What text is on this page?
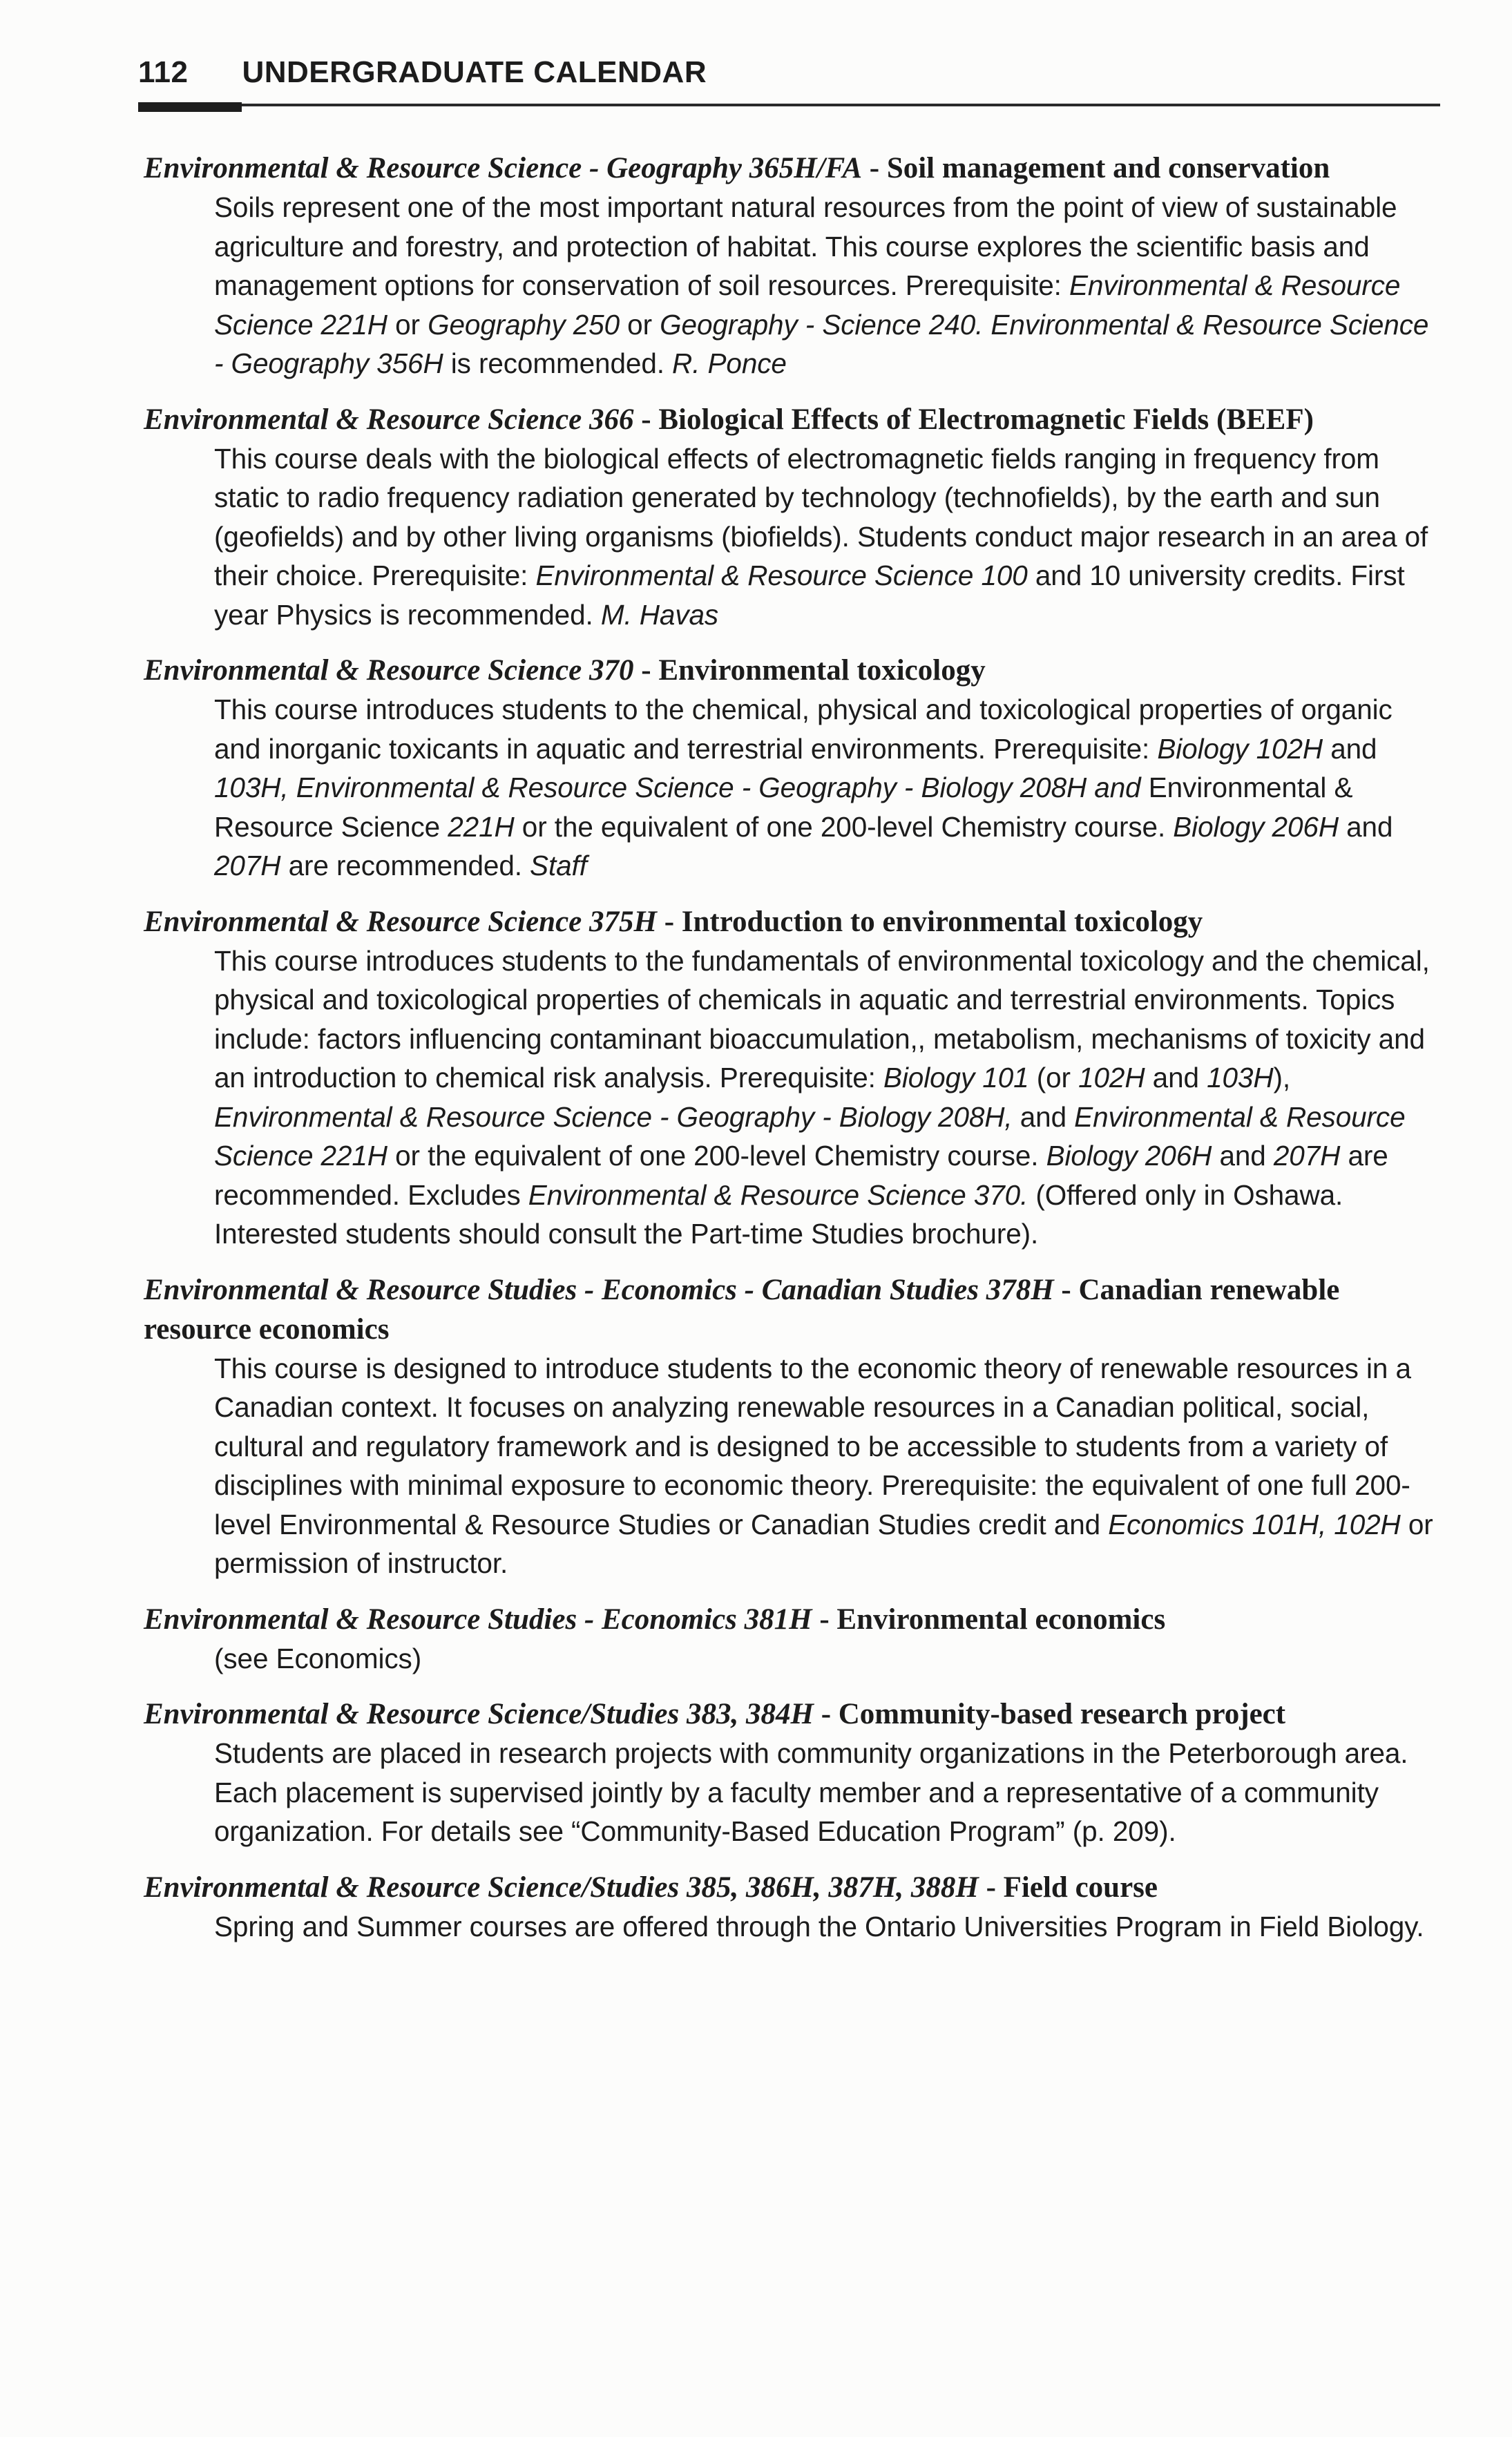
112 UNDERGRADUATE CALENDAR
Environmental & Resource Science - Geography 365H/FA - Soil management and conservation
Soils represent one of the most important natural resources from the point of view of sustainable agriculture and forestry, and protection of habitat. This course explores the scientific basis and management options for conservation of soil resources. Prerequisite: Environmental & Resource Science 221H or Geography 250 or Geography - Science 240. Environmental & Resource Science - Geography 356H is recommended. R. Ponce
Environmental & Resource Science 366 - Biological Effects of Electromagnetic Fields (BEEF)
This course deals with the biological effects of electromagnetic fields ranging in frequency from static to radio frequency radiation generated by technology (technofields), by the earth and sun (geofields) and by other living organisms (biofields). Students conduct major research in an area of their choice. Prerequisite: Environmental & Resource Science 100 and 10 university credits. First year Physics is recommended. M. Havas
Environmental & Resource Science 370 - Environmental toxicology
This course introduces students to the chemical, physical and toxicological properties of organic and inorganic toxicants in aquatic and terrestrial environments. Prerequisite: Biology 102H and 103H, Environmental & Resource Science - Geography - Biology 208H and Environmental & Resource Science 221H or the equivalent of one 200-level Chemistry course. Biology 206H and 207H are recommended. Staff
Environmental & Resource Science 375H - Introduction to environmental toxicology
This course introduces students to the fundamentals of environmental toxicology and the chemical, physical and toxicological properties of chemicals in aquatic and terrestrial environments. Topics include: factors influencing contaminant bioaccumulation,, metabolism, mechanisms of toxicity and an introduction to chemical risk analysis. Prerequisite: Biology 101 (or 102H and 103H), Environmental & Resource Science - Geography - Biology 208H, and Environmental & Resource Science 221H or the equivalent of one 200-level Chemistry course. Biology 206H and 207H are recommended. Excludes Environmental & Resource Science 370. (Offered only in Oshawa. Interested students should consult the Part-time Studies brochure).
Environmental & Resource Studies - Economics - Canadian Studies 378H - Canadian renewable resource economics
This course is designed to introduce students to the economic theory of renewable resources in a Canadian context. It focuses on analyzing renewable resources in a Canadian political, social, cultural and regulatory framework and is designed to be accessible to students from a variety of disciplines with minimal exposure to economic theory. Prerequisite: the equivalent of one full 200-level Environmental & Resource Studies or Canadian Studies credit and Economics 101H, 102H or permission of instructor.
Environmental & Resource Studies - Economics 381H - Environmental economics
(see Economics)
Environmental & Resource Science/Studies 383, 384H - Community-based research project
Students are placed in research projects with community organizations in the Peterborough area. Each placement is supervised jointly by a faculty member and a representative of a community organization. For details see “Community-Based Education Program” (p. 209).
Environmental & Resource Science/Studies 385, 386H, 387H, 388H - Field course
Spring and Summer courses are offered through the Ontario Universities Program in Field Biology.
